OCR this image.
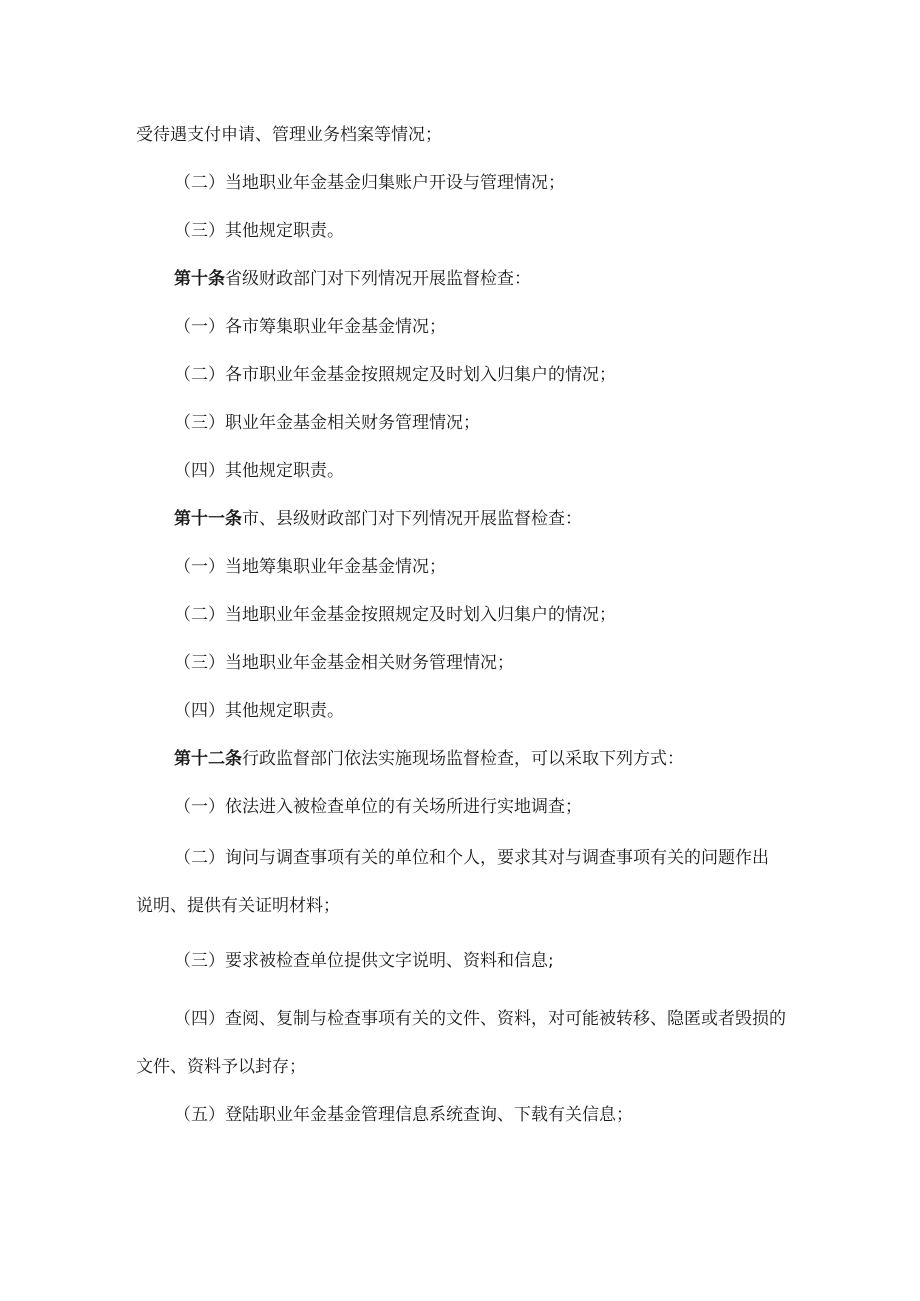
受待遇支付申请、管理业务档案等情况；

（二）当地职业年金基金归集账户开设与管理情况；

（三）其他规定职责。

第十条省级财政部门对下列情况开展监督检查：

（一）各市筹集职业年金基金情况；

（二）各市职业年金基金按照规定及时划入归集户的情况；

（三）职业年金基金相关财务管理情况；

（四）其他规定职责。

第十一条市、县级财政部门对下列情况开展监督检查：

（一）当地筹集职业年金基金情况；

（二）当地职业年金基金按照规定及时划入归集户的情况；

（三）当地职业年金基金相关财务管理情况；

（四）其他规定职责。

第十二条行政监督部门依法实施现场监督检查，可以采取下列方式：

（一）依法进入被检查单位的有关场所进行实地调查；

（二）询问与调查事项有关的单位和个人，要求其对与调查事项有关的问题作出

说明、提供有关证明材料；

（三）要求被检查单位提供文字说明、资料和信息;

（四）查阅、复制与检查事项有关的文件、资料，对可能被转移、隐匿或者毁损的

文件、资料予以封存；

（五）登陆职业年金基金管理信息系统查询、下载有关信息；
